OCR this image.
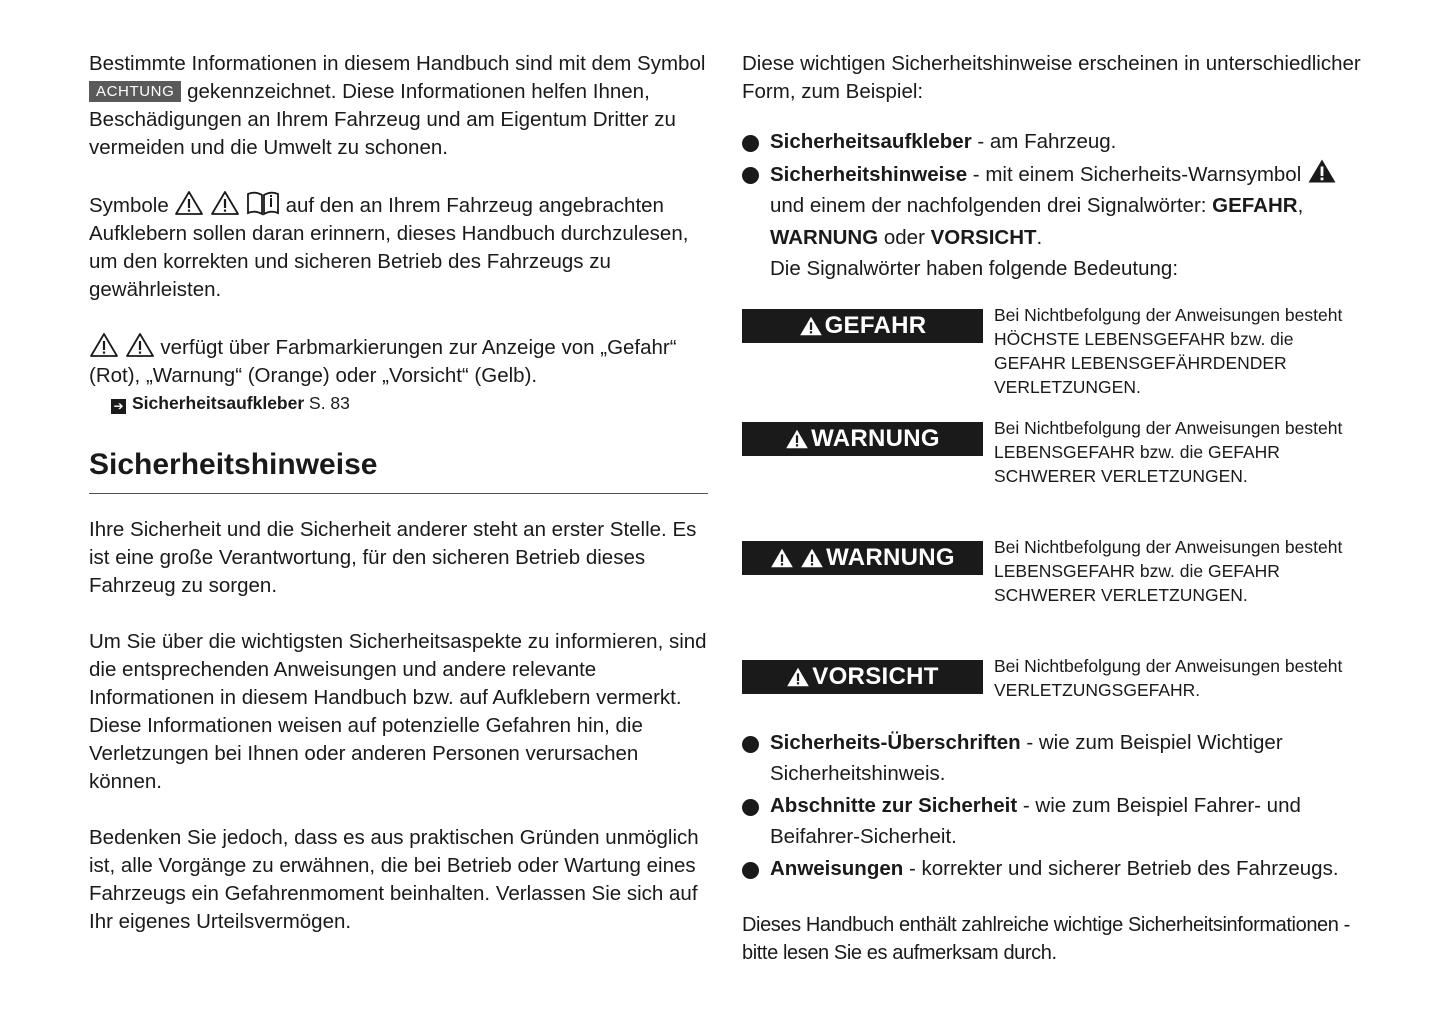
Bestimmte Informationen in diesem Handbuch sind mit dem Symbol ACHTUNG gekennzeichnet. Diese Informationen helfen Ihnen, Beschädigungen an Ihrem Fahrzeug und am Eigentum Dritter zu vermeiden und die Umwelt zu schonen.

Symbole	auf den an Ihrem Fahrzeug angebrachten Aufklebern sollen daran erinnern, dieses Handbuch durchzulesen, um den korrekten und sicheren Betrieb des Fahrzeugs zu gewährleisten.

verfügt über Farbmarkierungen zur Anzeige von „Gefahr“ (Rot), „Warnung“ (Orange) oder „Vorsicht“ (Gelb).

➔ Sicherheitsaufkleber S. 83
Sicherheitshinweise

Ihre Sicherheit und die Sicherheit anderer steht an erster Stelle. Es ist eine große Verantwortung, für den sicheren Betrieb dieses Fahrzeug zu sorgen.

Um Sie über die wichtigsten Sicherheitsaspekte zu informieren, sind die entsprechenden Anweisungen und andere relevante Informationen in diesem Handbuch bzw. auf Aufklebern vermerkt. Diese Informationen weisen auf potenzielle Gefahren hin, die Verletzungen bei Ihnen oder anderen Personen verursachen können.

Bedenken Sie jedoch, dass es aus praktischen Gründen unmöglich ist, alle Vorgänge zu erwähnen, die bei Betrieb oder Wartung eines Fahrzeugs ein Gefahrenmoment beinhalten. Verlassen Sie sich auf Ihr eigenes Urteilsvermögen.

Diese wichtigen Sicherheitshinweise erscheinen in unterschiedlicher Form, zum Beispiel:

Sicherheitsaufkleber - am Fahrzeug.
Sicherheitshinweise - mit einem Sicherheits-Warnsymbol  und einem der nachfolgenden drei Signalwörter: GEFAHR, WARNUNG oder VORSICHT.
Die Signalwörter haben folgende Bedeutung:
GEFAHR	Bei Nichtbefolgung der Anweisungen besteht HÖCHSTE LEBENSGEFAHR bzw. die GEFAHR LEBENSGEFÄHRDENDER VERLETZUNGEN.
WARNUNG	Bei Nichtbefolgung der Anweisungen besteht LEBENSGEFAHR bzw. die GEFAHR SCHWERER VERLETZUNGEN.
WARNUNG Bei Nichtbefolgung der Anweisungen besteht LEBENSGEFAHR bzw. die GEFAHR SCHWERER VERLETZUNGEN.
VORSICHT	Bei Nichtbefolgung der Anweisungen besteht VERLETZUNGSGEFAHR.
Sicherheits-Überschriften - wie zum Beispiel Wichtiger Sicherheitshinweis.
Abschnitte zur Sicherheit - wie zum Beispiel Fahrer- und Beifahrer-Sicherheit.
Anweisungen - korrekter und sicherer Betrieb des Fahrzeugs.

Dieses Handbuch enthält zahlreiche wichtige Sicherheitsinformationen - bitte lesen Sie es aufmerksam durch.
